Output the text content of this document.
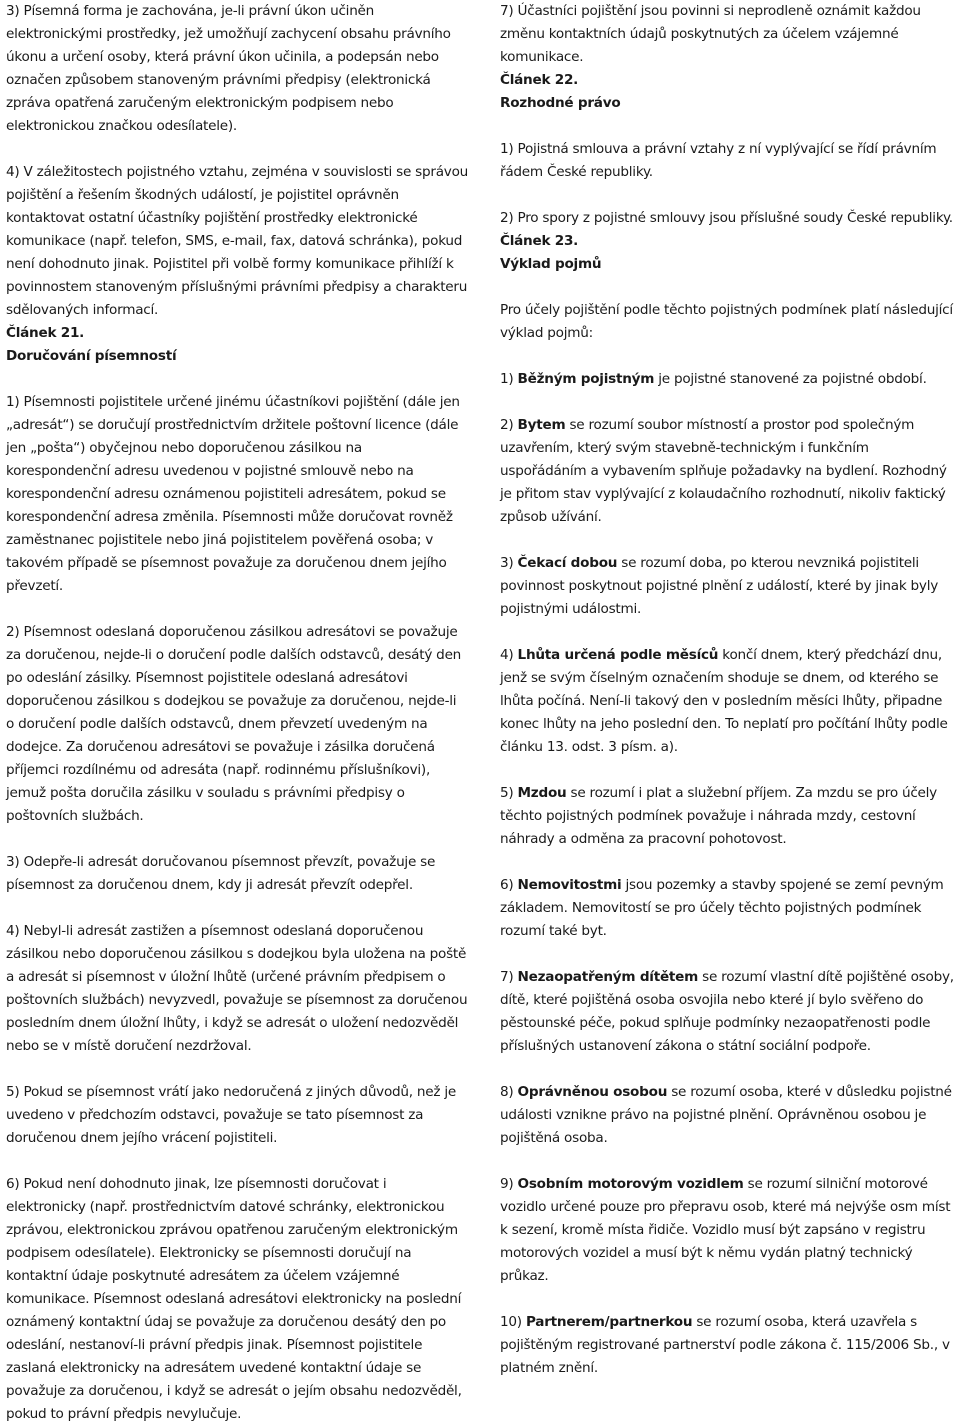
3) Písemná forma je zachována, je-li právní úkon učiněn elektronickými prostředky, jež umožňují zachycení obsahu právního úkonu a určení osoby, která právní úkon učinila, a podepsán nebo označen způsobem stanoveným právními předpisy (elektronická zpráva opatřená zaručeným elektronickým podpisem nebo elektronickou značkou odesílatele).

4) V záležitostech pojistného vztahu, zejména v souvislosti se správou pojištění a řešením škodných událostí, je pojistitel oprávněn kontaktovat ostatní účastníky pojištění prostředky elektronické komunikace (např. telefon, SMS, e-mail, fax, datová schránka), pokud není dohodnuto jinak. Pojistitel při volbě formy komunikace přihlíží k povinnostem stanoveným příslušnými právními předpisy a charakteru sdělovaných informací.

Článek 21.

Doručování písemností

1) Písemnosti pojistitele určené jinému účastníkovi pojištění (dále jen „adresát“) se doručují prostřednictvím držitele poštovní licence (dále jen „pošta“) obyčejnou nebo doporučenou zásilkou na korespondenční adresu uvedenou v pojistné smlouvě nebo na korespondenční adresu oznámenou pojistiteli adresátem, pokud se korespondenční adresa změnila. Písemnosti může doručovat rovněž zaměstnanec pojistitele nebo jiná pojistitelem pověřená osoba; v takovém případě se písemnost považuje za doručenou dnem jejího převzetí.

2) Písemnost odeslaná doporučenou zásilkou adresátovi se považuje za doručenou, nejde-li o doručení podle dalších odstavců, desátý den po odeslání zásilky. Písemnost pojistitele odeslaná adresátovi doporučenou zásilkou s dodejkou se považuje za doručenou, nejde-li o doručení podle dalších odstavců, dnem převzetí uvedeným na dodejce. Za doručenou adresátovi se považuje i zásilka doručená příjemci rozdílnému od adresáta (např. rodinnému příslušníkovi), jemuž pošta doručila zásilku v souladu s právními předpisy o poštovních službách.

3) Odepře-li adresát doručovanou písemnost převzít, považuje se písemnost za doručenou dnem, kdy ji adresát převzít odepřel.

4) Nebyl-li adresát zastižen a písemnost odeslaná doporučenou zásilkou nebo doporučenou zásilkou s dodejkou byla uložena na poště a adresát si písemnost v úložní lhůtě (určené právním předpisem o poštovních službách) nevyzvedl, považuje se písemnost za doručenou posledním dnem úložní lhůty, i když se adresát o uložení nedozvěděl nebo se v místě doručení nezdržoval.

5) Pokud se písemnost vrátí jako nedoručená z jiných důvodů, než je uvedeno v předchozím odstavci, považuje se tato písemnost za doručenou dnem jejího vrácení pojistiteli.

6) Pokud není dohodnuto jinak, lze písemnosti doručovat i elektronicky (např. prostřednictvím datové schránky, elektronickou zprávou, elektronickou zprávou opatřenou zaručeným elektronickým podpisem odesílatele). Elektronicky se písemnosti doručují na kontaktní údaje poskytnuté adresátem za účelem vzájemné komunikace. Písemnost odeslaná adresátovi elektronicky na poslední oznámený kontaktní údaj se považuje za doručenou desátý den po odeslání, nestanoví-li právní předpis jinak. Písemnost pojistitele zaslaná elektronicky na adresátem uvedené kontaktní údaje se považuje za doručenou, i když se adresát o jejím obsahu nedozvěděl, pokud to právní předpis nevylučuje.

7) Účastníci pojištění jsou povinni si neprodleně oznámit každou změnu kontaktních údajů poskytnutých za účelem vzájemné komunikace.

Článek 22.

Rozhodné právo

1) Pojistná smlouva a právní vztahy z ní vyplývající se řídí právním řádem České republiky.

2) Pro spory z pojistné smlouvy jsou příslušné soudy České republiky.

Článek 23.

Výklad pojmů

Pro účely pojištění podle těchto pojistných podmínek platí následující výklad pojmů:

1) Běžným pojistným je pojistné stanovené za pojistné období.

2) Bytem se rozumí soubor místností a prostor pod společným uzavřením, který svým stavebně-technickým i funkčním uspořádáním a vybavením splňuje požadavky na bydlení. Rozhodný je přitom stav vyplývající z kolaudačního rozhodnutí, nikoliv faktický způsob užívání.

3) Čekací dobou se rozumí doba, po kterou nevzniká pojistiteli povinnost poskytnout pojistné plnění z událostí, které by jinak byly pojistnými událostmi.

4) Lhůta určená podle měsíců končí dnem, který předchází dnu, jenž se svým číselným označením shoduje se dnem, od kterého se lhůta počíná. Není-li takový den v posledním měsíci lhůty, připadne konec lhůty na jeho poslední den. To neplatí pro počítání lhůty podle článku 13. odst. 3 písm. a).

5) Mzdou se rozumí i plat a služební příjem. Za mzdu se pro účely těchto pojistných podmínek považuje i náhrada mzdy, cestovní náhrady a odměna za pracovní pohotovost.

6) Nemovitostmi jsou pozemky a stavby spojené se zemí pevným základem. Nemovitostí se pro účely těchto pojistných podmínek rozumí také byt.

7) Nezaopatřeným dítětem se rozumí vlastní dítě pojištěné osoby, dítě, které pojištěná osoba osvojila nebo které jí bylo svěřeno do pěstounské péče, pokud splňuje podmínky nezaopatřenosti podle příslušných ustanovení zákona o státní sociální podpoře.

8) Oprávněnou osobou se rozumí osoba, které v důsledku pojistné události vznikne právo na pojistné plnění. Oprávněnou osobou je pojištěná osoba.

9) Osobním motorovým vozidlem se rozumí silniční motorové vozidlo určené pouze pro přepravu osob, které má nejvýše osm míst k sezení, kromě místa řidiče. Vozidlo musí být zapsáno v registru motorových vozidel a musí být k němu vydán platný technický průkaz.

10) Partnerem/partnerkou se rozumí osoba, která uzavřela s pojištěným registrované partnerství podle zákona č. 115/2006 Sb., v platném znění.
